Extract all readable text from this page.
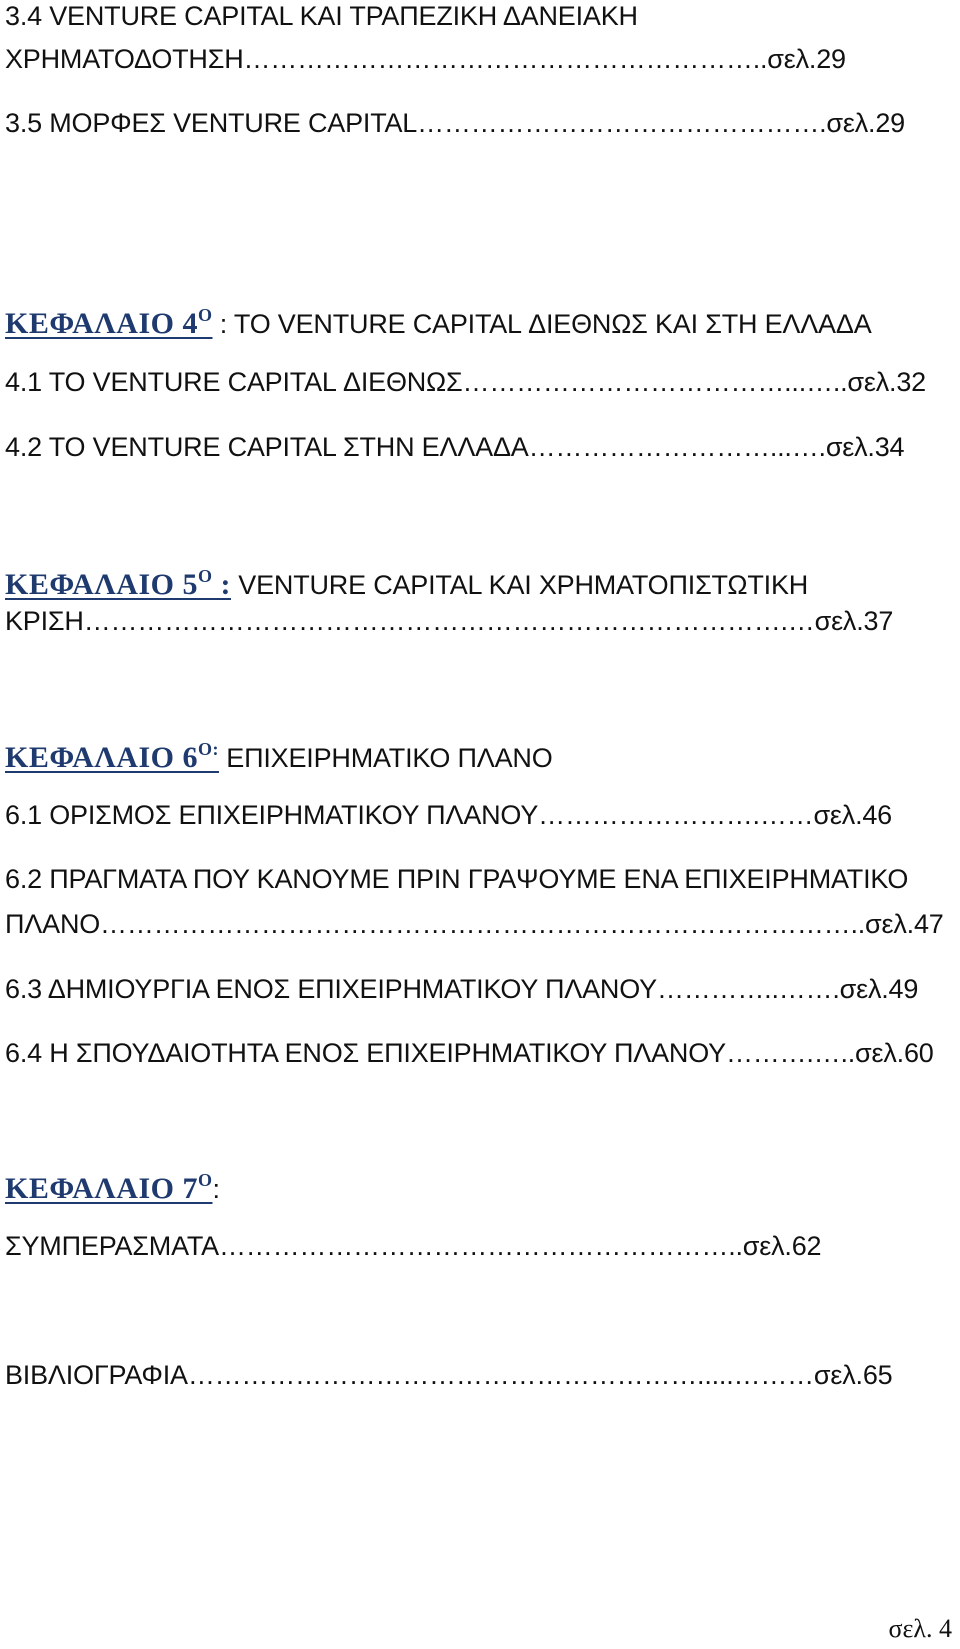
3.4 VENTURE CAPITAL ΚΑΙ ΤΡΑΠΕΖΙΚΗ ΔΑΝΕΙΑΚΗ
ΧΡΗΜΑΤΟΔΟΤΗΣΗ…………………………………………………..σελ.29
3.5 ΜΟΡΦΕΣ VENTURE CAPITAL……………………………………….σελ.29
ΚΕΦΑΛΑΙΟ $4^O$ : ΤΟ VENTURE CAPITAL ΔΙΕΘΝΩΣ ΚΑΙ ΣΤΗ ΕΛΛΑΔΑ
4.1 ΤΟ VENTURE CAPITAL ΔΙΕΘΝΩΣ………………………………...…..σελ.32
4.2 ΤΟ VENTURE CAPITAL ΣΤΗΝ ΕΛΛΑΔΑ………………………...….σελ.34
ΚΕΦΑΛΑΙΟ $5^O$ : VENTURE CAPITAL ΚΑΙ ΧΡΗΜΑΤΟΠΙΣΤΩΤΙΚΗ
ΚΡΙΣΗ…………………………………………………………………….…σελ.37
ΚΕΦΑΛΑΙΟ $6^{O:}$ ΕΠΙΧΕΙΡΗΜΑΤΙΚΟ ΠΛΑΝΟ
6.1 ΟΡΙΣΜΟΣ ΕΠΙΧΕΙΡΗΜΑΤΙΚΟΥ ΠΛΑΝΟΥ…………………….……σελ.46
6.2 ΠΡΑΓΜΑΤΑ ΠΟΥ ΚΑΝΟΥΜΕ ΠΡΙΝ ΓΡΑΨΟΥΜΕ ΕΝΑ ΕΠΙΧΕΙΡΗΜΑΤΙΚΟ
ΠΛΑΝΟ…………………………………………………………………………..σελ.47
6.3 ΔΗΜΙΟΥΡΓΙΑ ΕΝΟΣ ΕΠΙΧΕΙΡΗΜΑΤΙΚΟΥ ΠΛΑΝΟΥ…………..…….σελ.49
6.4 Η ΣΠΟΥΔΑΙΟΤΗΤΑ ΕΝΟΣ ΕΠΙΧΕΙΡΗΜΑΤΙΚΟΥ ΠΛΑΝΟΥ……….…..σελ.60
ΚΕΦΑΛΑΙΟ $7^O$:
ΣΥΜΠΕΡΑΣΜΑΤΑ…………………………………………………..σελ.62
ΒΙΒΛΙΟΓΡΑΦΙΑ………………………………………………….....………σελ.65
σελ. 4
